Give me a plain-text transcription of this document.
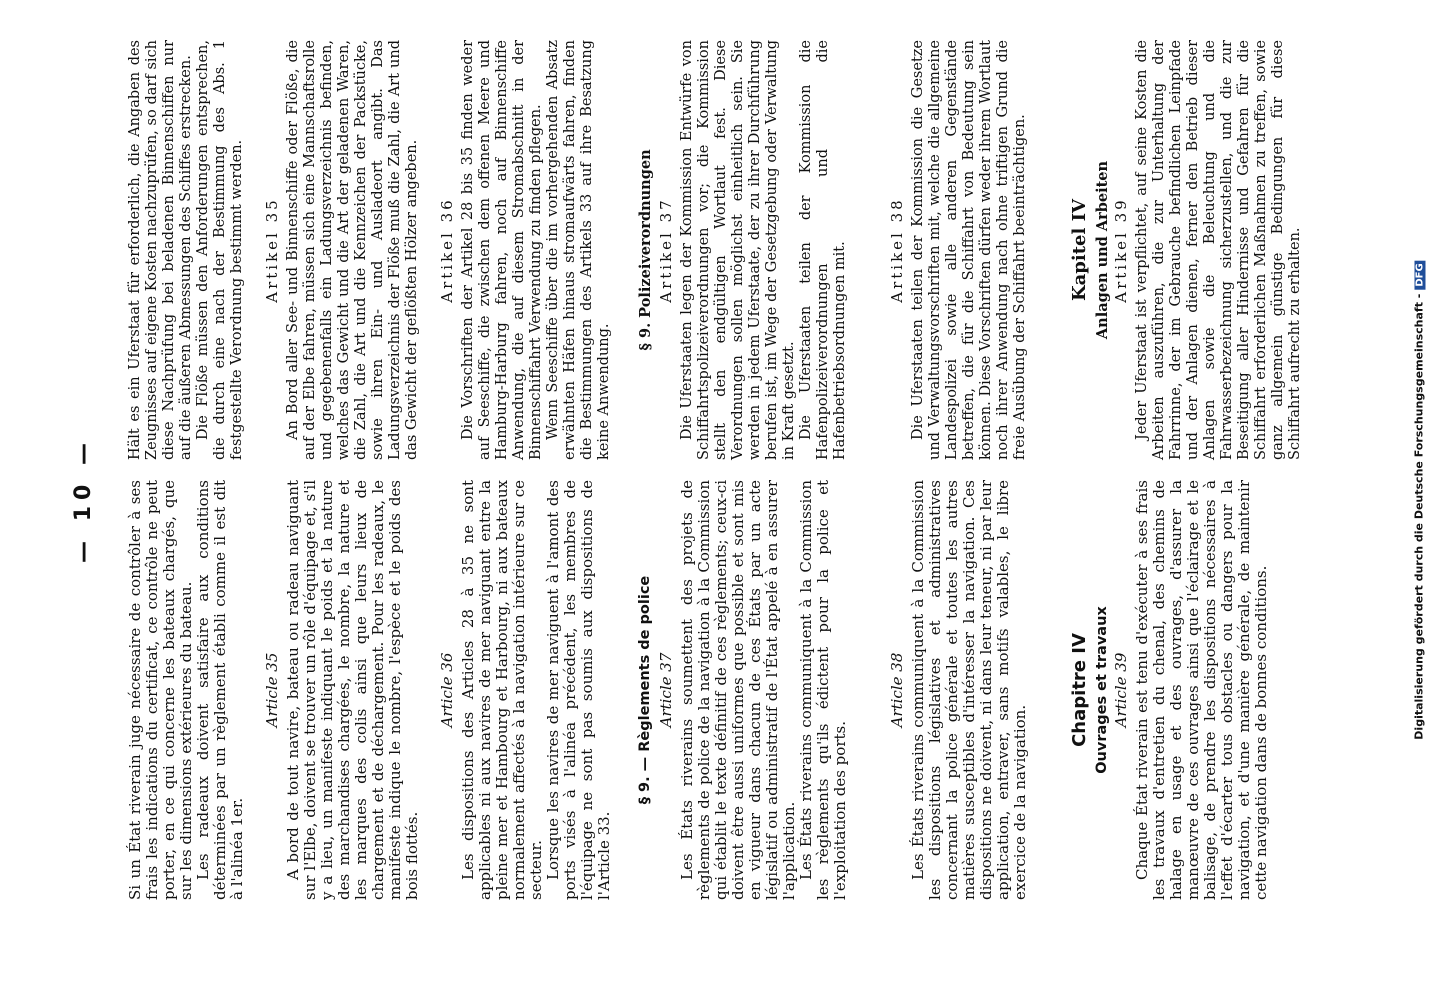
— 10 — Si un État riverain juge nécessaire de contrôler à ses frais les indications du certificat, ce contrôle ne peut porter, en ce qui concerne les bateaux chargés, que sur les dimensions extérieures du bateau. Les radeaux doivent satisfaire aux conditions déterminées par un règlement établi comme il est dit à l'alinéa 1er.

Article 35 A bord de tout navire, bateau ou radeau naviguant sur l'Elbe, doivent se trouver un rôle d'équipage et, s'il y a lieu, un manifeste indiquant le poids et la nature des marchandises chargées, le nombre, la nature et les marques des colis ainsi que leurs lieux de chargement et de déchargement. Pour les radeaux, le manifeste indique le nombre, l'espèce et le poids des bois flottés.

Article 36 Les dispositions des Articles 28 à 35 ne sont applicables ni aux navires de mer naviguant entre la pleine mer et Hambourg et Harbourg, ni aux bateaux normalement affectés à la navigation intérieure sur ce secteur. Lorsque les navires de mer naviguent à l'amont des ports visés à l'alinéa précédent, les membres de l'équipage ne sont pas soumis aux dispositions de l'Article 33.

§ 9. — Règlements de police Article 37 Les États riverains soumettent des projets de règlements de police de la navigation à la Commission qui établit le texte définitif de ces règlements; ceux-ci doivent être aussi uniformes que possible et sont mis en vigueur dans chacun de ces États par un acte législatif ou administratif de l'État appelé à en assurer l'application. Les États riverains communiquent à la Commission les règlements qu'ils édictent pour la police et l'exploitation des ports.

Article 38 Les États riverains communiquent à la Commission les dispositions législatives et administratives concernant la police générale et toutes les autres matières susceptibles d'intéresser la navigation. Ces dispositions ne doivent, ni dans leur teneur, ni par leur application, entraver, sans motifs valables, le libre exercice de la navigation.

Chapitre IV Ouvrages et travaux Article 39 Chaque État riverain est tenu d'exécuter à ses frais les travaux d'entretien du chenal, des chemins de halage en usage et des ouvrages, d'assurer la manœuvre de ces ouvrages ainsi que l'éclairage et le balisage, de prendre les dispositions nécessaires à l'effet d'écarter tous obstacles ou dangers pour la navigation, et d'une manière générale, de maintenir cette navigation dans de bonnes conditions.

Hält es ein Uferstaat für erforderlich, die Angaben des Zeugnisses auf eigene Kosten nachzuprüfen, so darf sich diese Nachprüfung bei beladenen Binnenschiffen nur auf die äußeren Abmessungen des Schiffes erstrecken. Die Flöße müssen den Anforderungen entsprechen, die durch eine nach der Bestimmung des Abs. 1 festgestellte Verordnung bestimmt werden. Artikel 35 An Bord aller See- und Binnenschiffe oder Flöße, die auf der Elbe fahren, müssen sich eine Mannschaftsrolle und gegebenenfalls ein Ladungsverzeichnis befinden, welches das Gewicht und die Art der geladenen Waren, die Zahl, die Art und die Kennzeichen der Packstücke, sowie ihren Ein- und Ausladeort angibt. Das Ladungsverzeichnis der Flöße muß die Zahl, die Art und das Gewicht der geflößten Hölzer angeben. Artikel 36 Die Vorschriften der Artikel 28 bis 35 finden weder auf Seeschiffe, die zwischen dem offenen Meere und Hamburg-Harburg fahren, noch auf Binnenschiffe Anwendung, die auf diesem Stromabschnitt in der Binnenschiffahrt Verwendung zu finden pflegen. Wenn Seeschiffe über die im vorhergehenden Absatz erwähnten Häfen hinaus stromaufwärts fahren, finden die Bestimmungen des Artikels 33 auf ihre Besatzung keine Anwendung.

§ 9. Polizeiverordnungen Artikel 37 Die Uferstaaten legen der Kommission Entwürfe von Schiffahrtspolizeiverordnungen vor; die Kommission stellt den endgültigen Wortlaut fest. Diese Verordnungen sollen möglichst einheitlich sein. Sie werden in jedem Uferstaate, der zu ihrer Durchführung berufen ist, im Wege der Gesetzgebung oder Verwaltung in Kraft gesetzt. Die Uferstaaten teilen der Kommission die Hafenpolizeiverordnungen und die Hafenbetriebsordnungen mit.	Artikel 38 Die Uferstaaten teilen der Kommission die Gesetze und Verwaltungsvorschriften mit, welche die allgemeine Landespolizei sowie alle anderen Gegenstände betreffen, die für die Schiffahrt von Bedeutung sein können. Diese Vorschriften dürfen weder ihrem Wortlaut noch ihrer Anwendung nach ohne triftigen Grund die freie Ausübung der Schiffahrt beeinträchtigen. Kapitel IV Anlagen und Arbeiten Artikel 39 Jeder Uferstaat ist verpflichtet, auf seine Kosten die Arbeiten auszuführen, die zur Unterhaltung der Fahrrinne, der im Gebrauche befindlichen Leinpfade und der Anlagen dienen, ferner den Betrieb dieser Anlagen sowie die Beleuchtung und die Fahrwasserbezeichnung sicherzustellen, und die zur Beseitigung aller Hindernisse und Gefahren für die Schiffahrt erforderlichen Maßnahmen zu treffen, sowie ganz allgemein günstige Bedingungen für diese Schiffahrt aufrecht zu erhalten.	Digitalisierung gefördert durch die Deutsche Forschungsgemeinschaft -DFG
